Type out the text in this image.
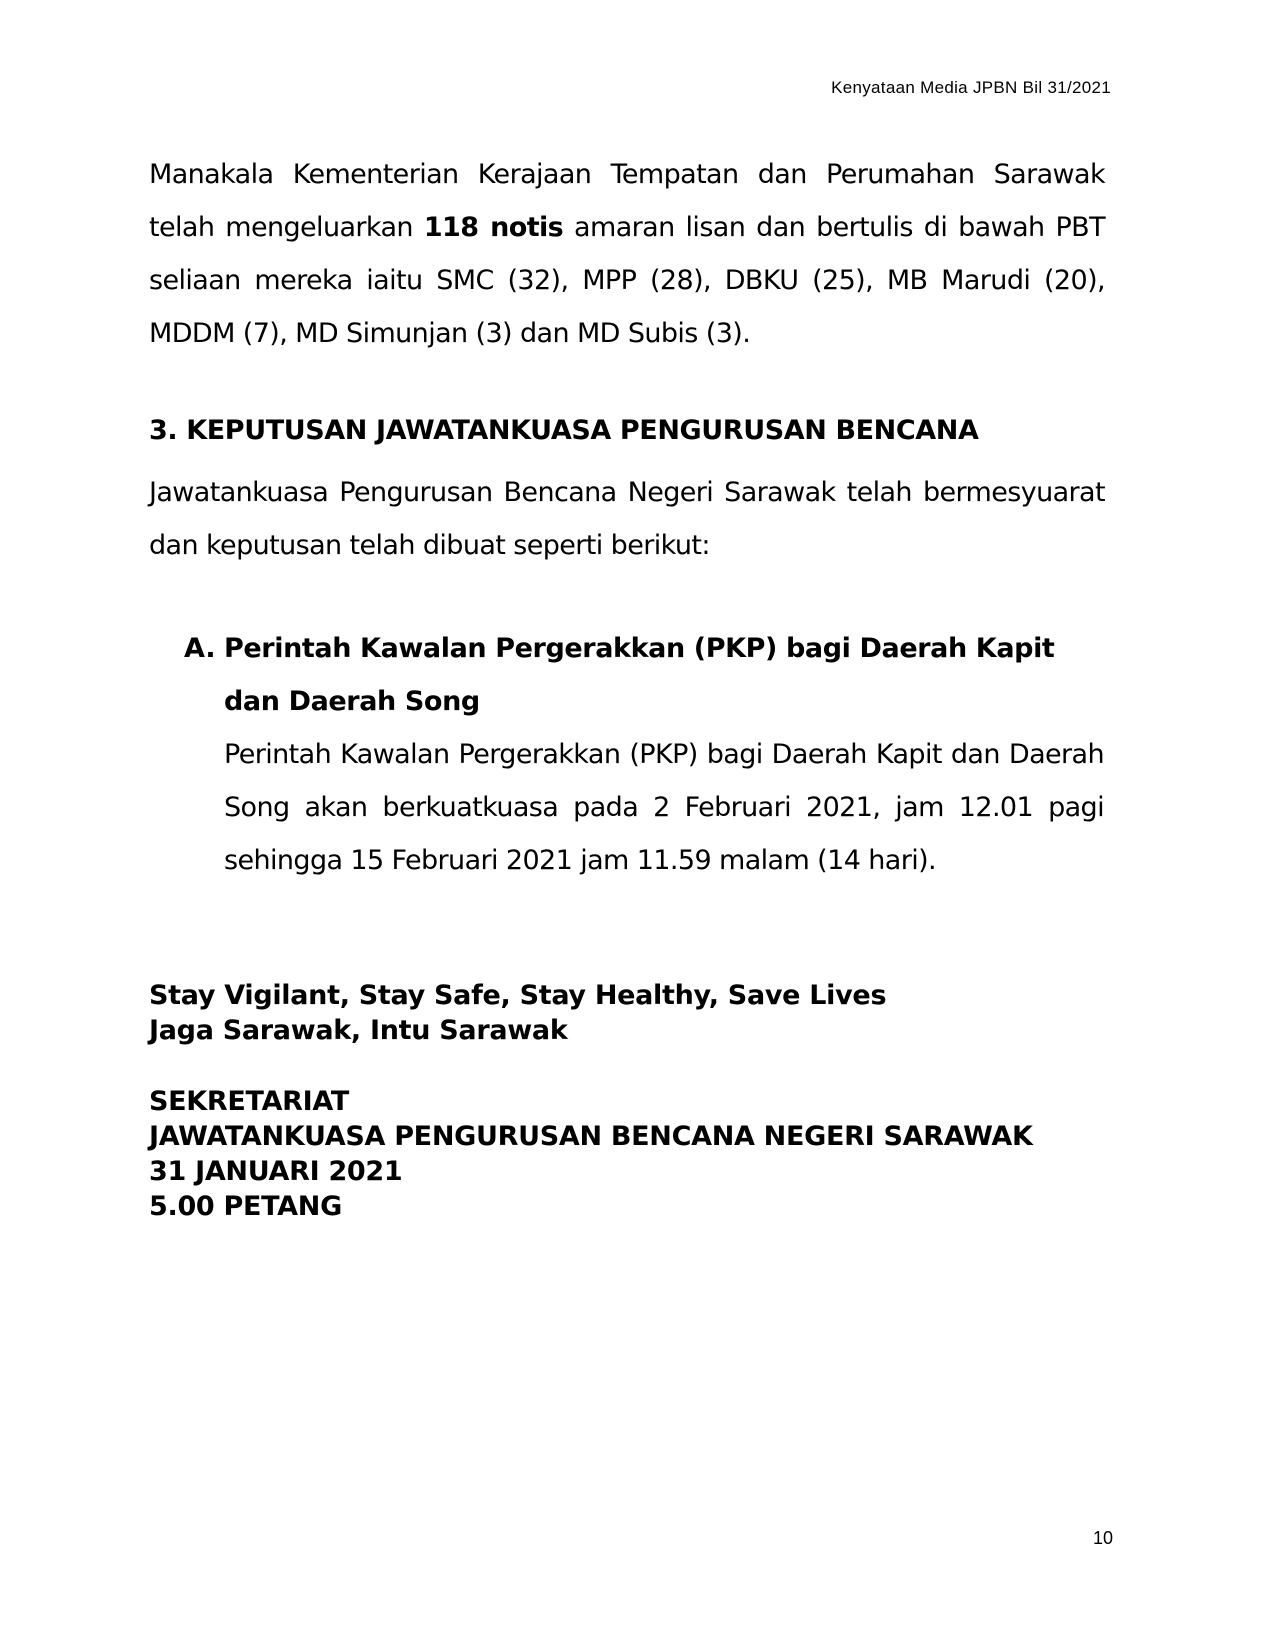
Kenyataan Media JPBN Bil 31/2021
Manakala Kementerian Kerajaan Tempatan dan Perumahan Sarawak telah mengeluarkan 118 notis amaran lisan dan bertulis di bawah PBT seliaan mereka iaitu SMC (32), MPP (28), DBKU (25), MB Marudi (20), MDDM (7), MD Simunjan (3) dan MD Subis (3).
3. KEPUTUSAN JAWATANKUASA PENGURUSAN BENCANA
Jawatankuasa Pengurusan Bencana Negeri Sarawak telah bermesyuarat dan keputusan telah dibuat seperti berikut:
A. Perintah Kawalan Pergerakkan (PKP) bagi Daerah Kapit dan Daerah Song
Perintah Kawalan Pergerakkan (PKP) bagi Daerah Kapit dan Daerah Song akan berkuatkuasa pada 2 Februari 2021, jam 12.01 pagi sehingga 15 Februari 2021 jam 11.59 malam (14 hari).
Stay Vigilant, Stay Safe, Stay Healthy, Save Lives
Jaga Sarawak, Intu Sarawak
SEKRETARIAT
JAWATANKUASA PENGURUSAN BENCANA NEGERI SARAWAK
31 JANUARI 2021
5.00 PETANG
10
